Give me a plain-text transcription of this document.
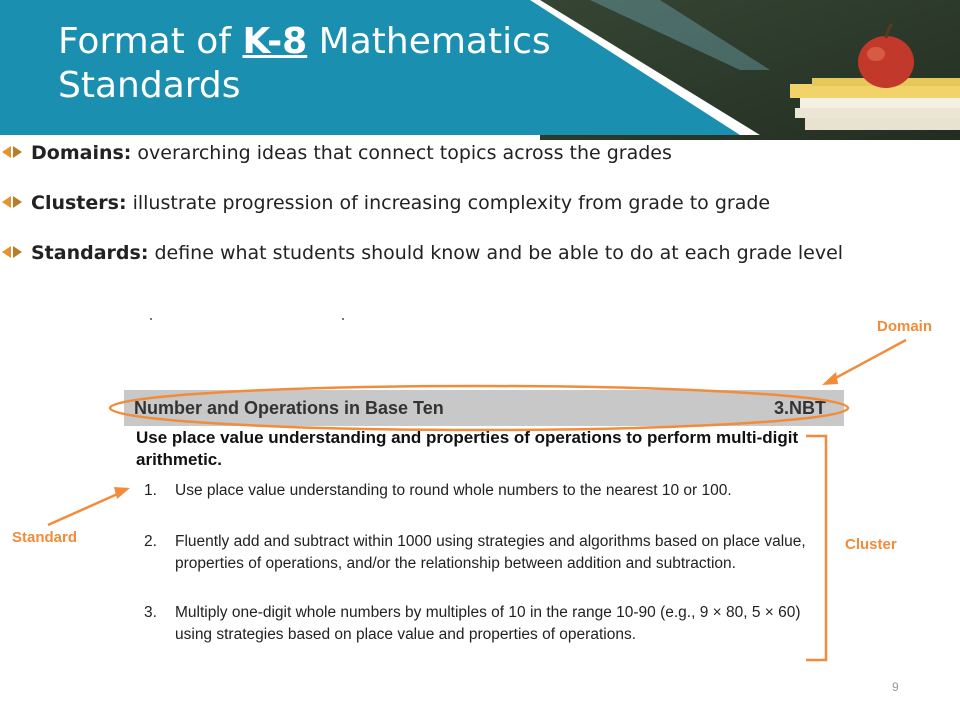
Format of K-8 Mathematics
Standards
Domains: overarching ideas that connect topics across the grades
Clusters: illustrate progression of increasing complexity from grade to grade
Standards: define what students should know and be able to do at each grade level
Number and Operations in Base Ten	3.NBT
Use place value understanding and properties of operations to perform multi-digit arithmetic.
1. Use place value understanding to round whole numbers to the nearest 10 or 100.
2. Fluently add and subtract within 1000 using strategies and algorithms based on place value, properties of operations, and/or the relationship between addition and subtraction.
3. Multiply one-digit whole numbers by multiples of 10 in the range 10-90 (e.g., 9 × 80, 5 × 60) using strategies based on place value and properties of operations.
Domain
Standard	Cluster
9
